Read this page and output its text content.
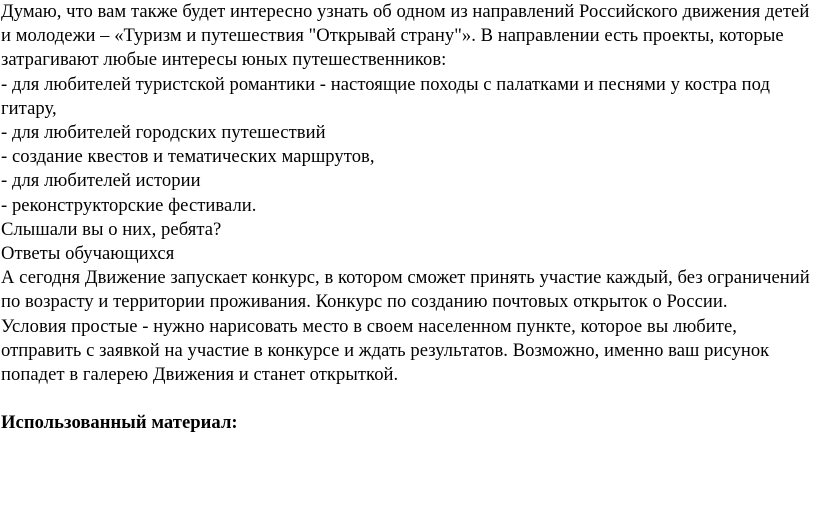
Думаю, что вам также будет интересно узнать об одном из направлений Российского движения детей и молодежи – «Туризм и путешествия "Открывай страну"». В направлении есть проекты, которые затрагивают любые интересы юных путешественников:

- для любителей туристской романтики - настоящие походы с палатками и песнями у костра под гитару,

- для любителей городских путешествий

- создание квестов и тематических маршрутов,

- для любителей истории

- реконструкторские фестивали.

Слышали вы о них, ребята?

Ответы обучающихся

А сегодня Движение запускает конкурс, в котором сможет принять участие каждый, без ограничений по возрасту и территории проживания. Конкурс по созданию почтовых открыток о России.

Условия простые - нужно нарисовать место в своем населенном пункте, которое вы любите, отправить с заявкой на участие в конкурсе и ждать результатов. Возможно, именно ваш рисунок попадет в галерею Движения и станет открыткой.

Использованный материал:
